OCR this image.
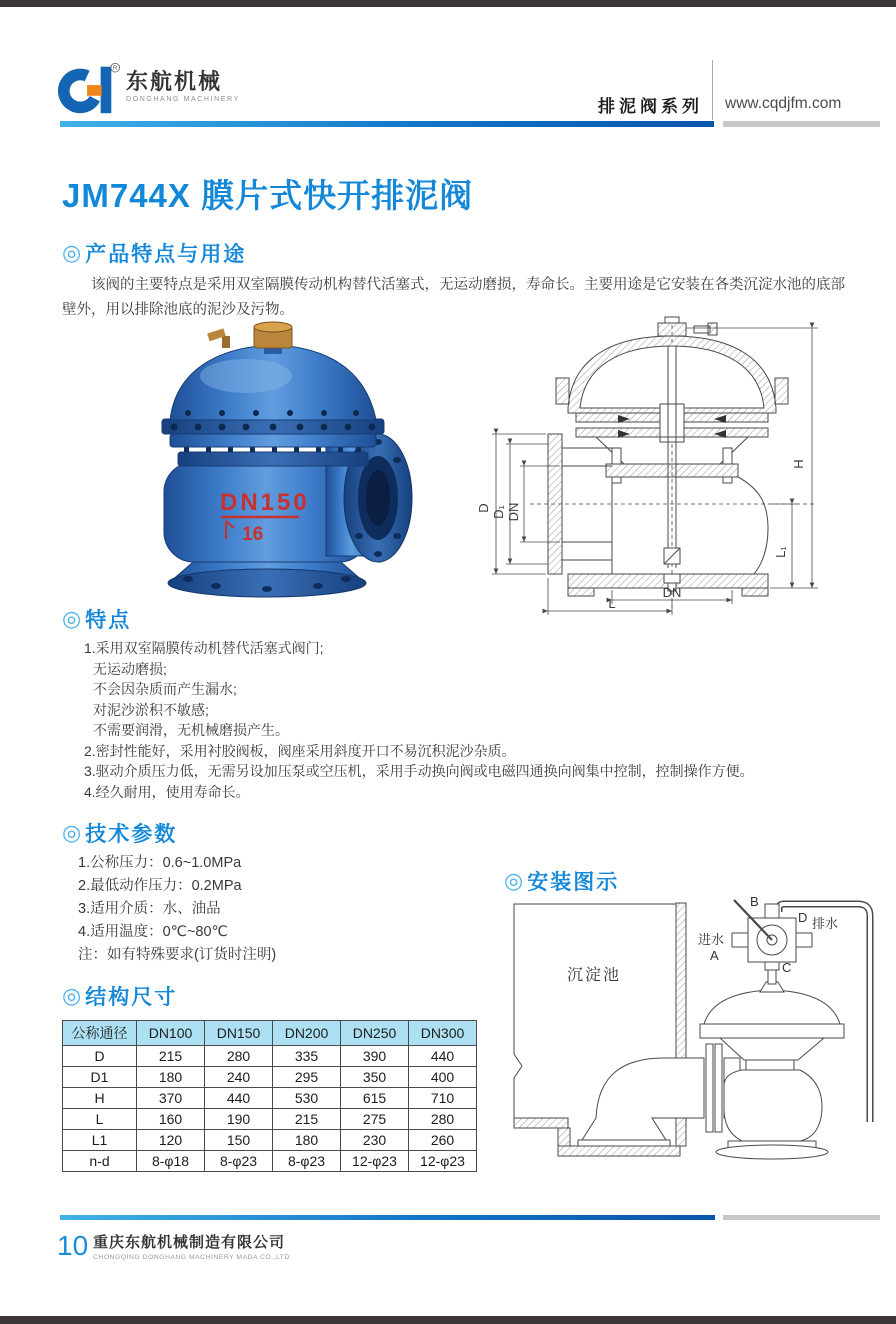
R
东航机械
DONGHANG MACHINERY	排泥阀系列 www.cqdjfm.com
JM744X 膜片式快开排泥阀
◎ 产品特点与用途
该阀的主要特点是采用双室隔膜传动机构替代活塞式，无运动磨损，寿命长。主要用途是它安装在各类沉淀水池的底部壁外，用以排除池底的泥沙及污物。
DN150
16
H
D D₁ DN
L₁
DN
L
◎ 特点
1.采用双室隔膜传动机替代活塞式阀门;
无运动磨损;
不会因杂质而产生漏水;
对泥沙淤积不敏感;
不需要润滑，无机械磨损产生。
2.密封性能好，采用衬胶阀板，阀座采用斜度开口不易沉积泥沙杂质。
3.驱动介质压力低，无需另设加压泵或空压机，采用手动换向阀或电磁四通换向阀集中控制，控制操作方便。
4.经久耐用，使用寿命长。
◎ 技术参数
1.公称压力：0.6~1.0MPa
2.最低动作压力：0.2MPa
3.适用介质：水、油品
4.适用温度：0℃~80℃
注：如有特殊要求(订货时注明)
◎ 安装图示
沉淀池
B
进水
A
D 排水
C
◎ 结构尺寸
公称通径	DN100	DN150	DN200	DN250	DN300
D	215	280	335	390	440
D1	180	240	295	350	400
H	370	440	530	615	710
L	160	190	215	275	280
L1	120	150	180	230	260
n-d	8-φ18	8-φ23	8-φ23	12-φ23	12-φ23
10 重庆东航机械制造有限公司
CHONGQING DONGHANG MACHINERY MADA CO.,LTD.
